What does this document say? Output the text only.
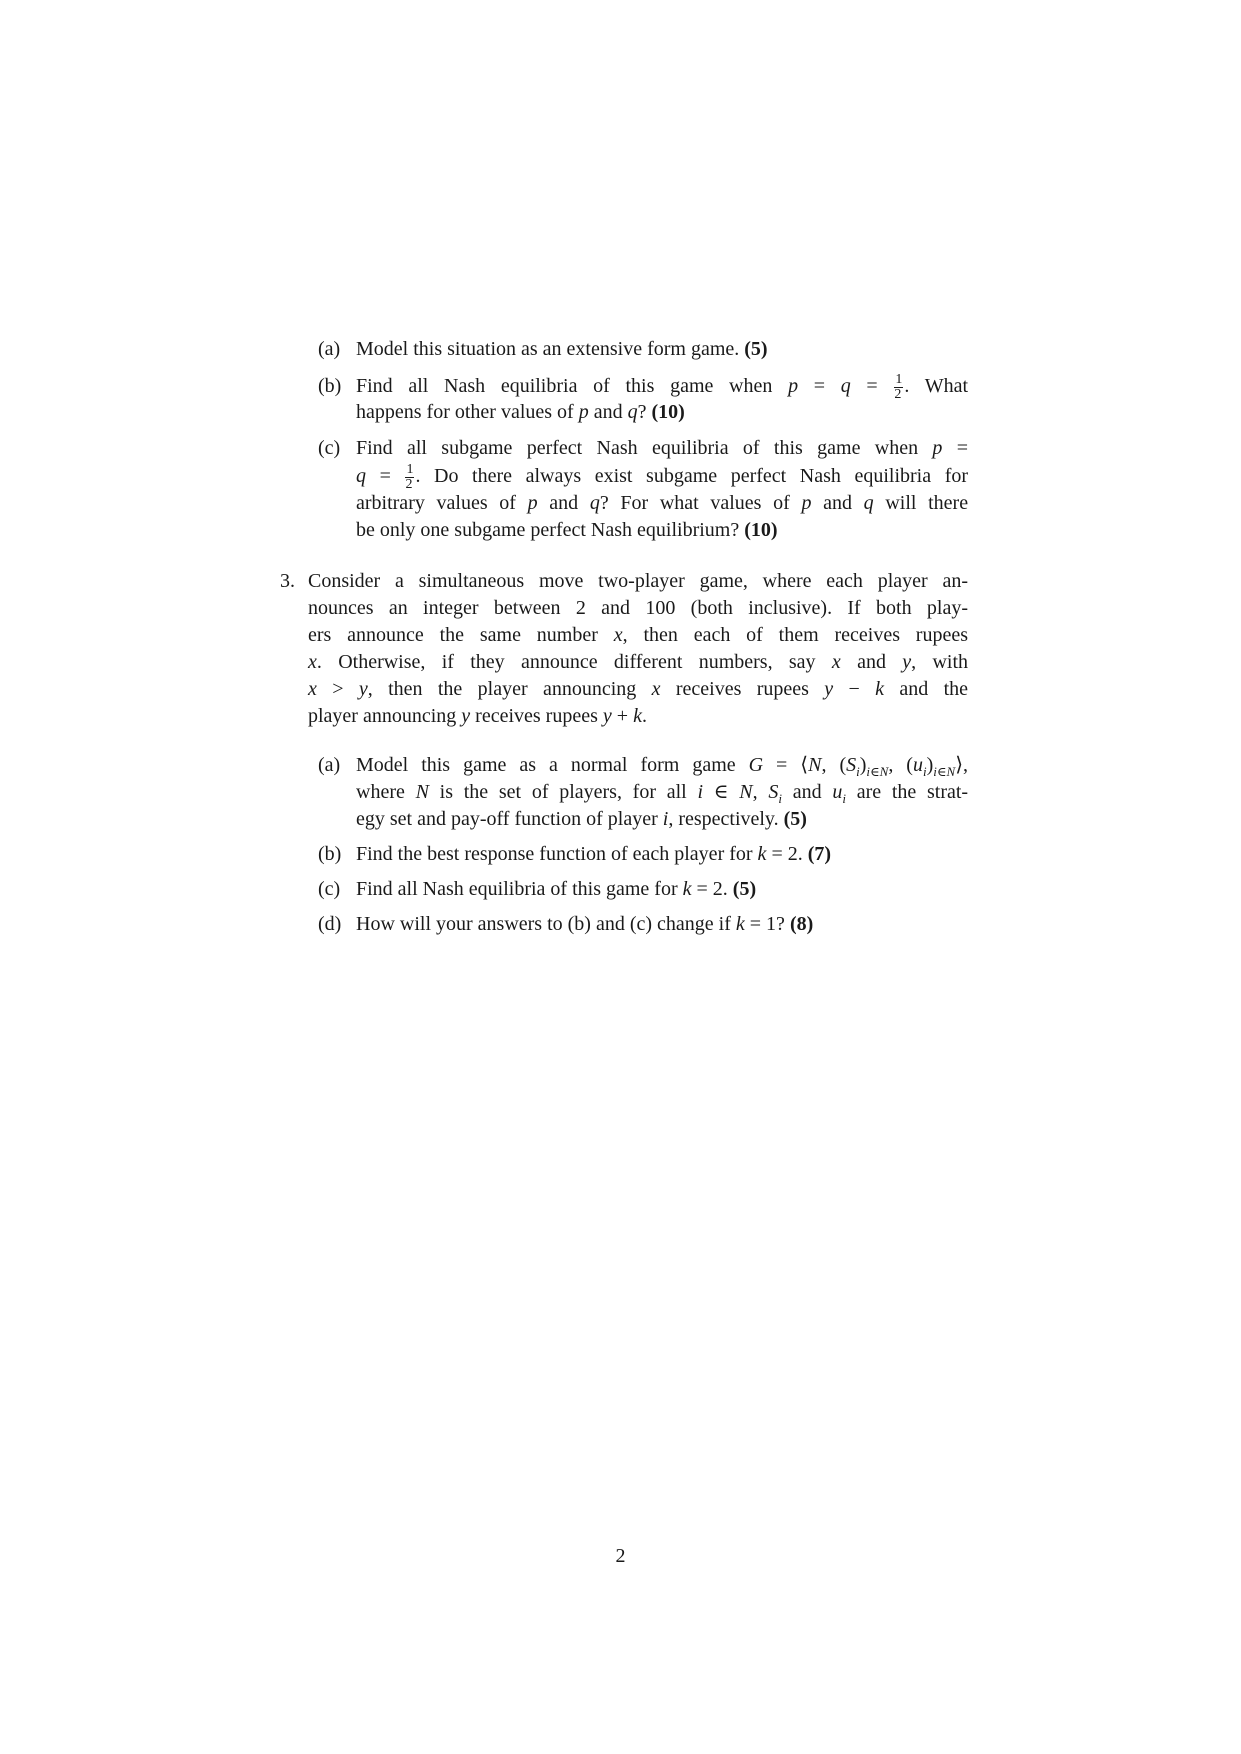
(a) Model this situation as an extensive form game. (5)
(b) Find all Nash equilibria of this game when $p = q = \frac{1}{2}$ . What
happens for other values of p and q? (10)
(c) Find all subgame perfect Nash equilibria of this game when p =
$q = \frac{1}{2}$ . Do there always exist subgame perfect Nash equilibria for
arbitrary values of p and q? For what values of p and q will there
be only one subgame perfect Nash equilibrium? (10)
3. Consider a simultaneous move two-player game, where each player an-
nounces an integer between 2 and 100 (both inclusive). If both play-
ers announce the same number x, then each of them receives rupees
x. Otherwise, if they announce different numbers, say x and y, with
x > y, then the player announcing x receives rupees y − k and the
player announcing y receives rupees y + k.
(a) Model this game as a normal form game G = ⟨N, $(S_i)_{i\in N}$, $(u_i)_{i\in N}⟩$,
where N is the set of players, for all i ∈ N, $S_i$ and $u_i$ are the strat-
egy set and pay-off function of player i, respectively. (5)
(b) Find the best response function of each player for k = 2. (7)
(c) Find all Nash equilibria of this game for k = 2. (5)
(d) How will your answers to (b) and (c) change if k = 1? (8)
2
